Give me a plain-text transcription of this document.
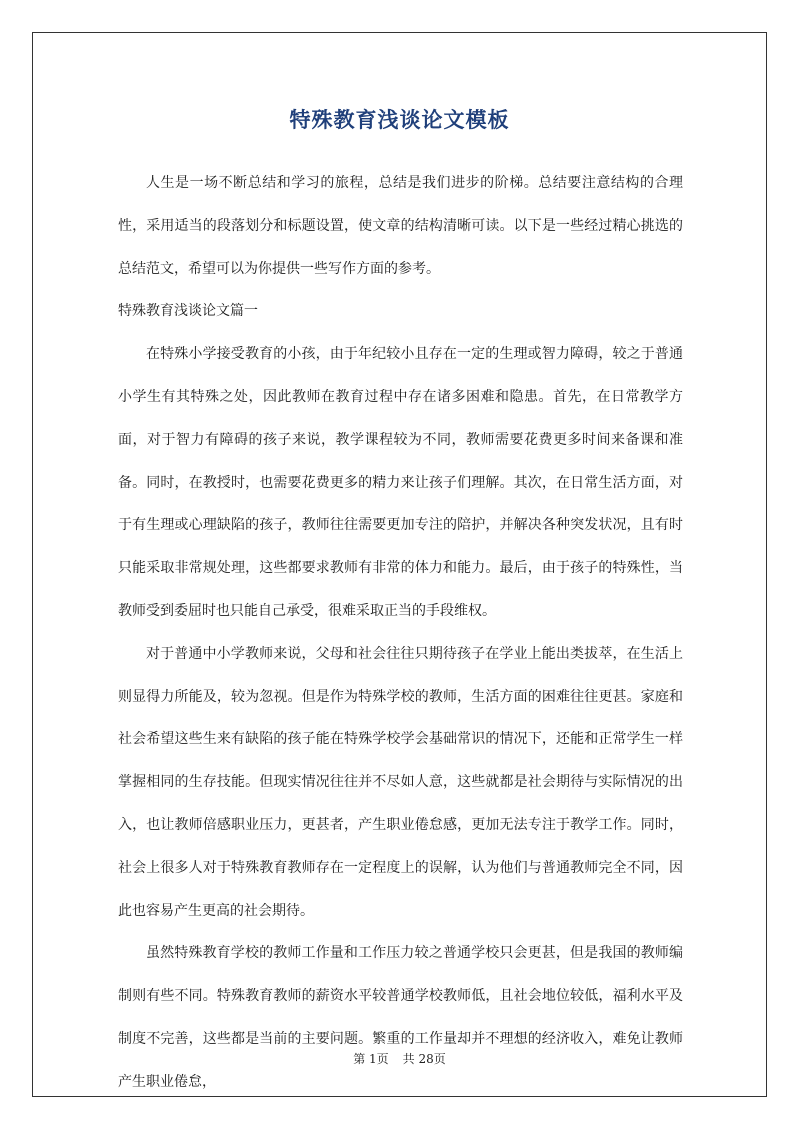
特殊教育浅谈论文模板

人生是一场不断总结和学习的旅程，总结是我们进步的阶梯。总结要注意结构的合理性，采用适当的段落划分和标题设置，使文章的结构清晰可读。以下是一些经过精心挑选的总结范文，希望可以为你提供一些写作方面的参考。

特殊教育浅谈论文篇一

在特殊小学接受教育的小孩，由于年纪较小且存在一定的生理或智力障碍，较之于普通小学生有其特殊之处，因此教师在教育过程中存在诸多困难和隐患。首先，在日常教学方面，对于智力有障碍的孩子来说，教学课程较为不同，教师需要花费更多时间来备课和准备。同时，在教授时，也需要花费更多的精力来让孩子们理解。其次，在日常生活方面，对于有生理或心理缺陷的孩子，教师往往需要更加专注的陪护，并解决各种突发状况，且有时只能采取非常规处理，这些都要求教师有非常的体力和能力。最后，由于孩子的特殊性，当教师受到委屈时也只能自己承受，很难采取正当的手段维权。

对于普通中小学教师来说，父母和社会往往只期待孩子在学业上能出类拔萃，在生活上则显得力所能及，较为忽视。但是作为特殊学校的教师，生活方面的困难往往更甚。家庭和社会希望这些生来有缺陷的孩子能在特殊学校学会基础常识的情况下，还能和正常学生一样掌握相同的生存技能。但现实情况往往并不尽如人意，这些就都是社会期待与实际情况的出入，也让教师倍感职业压力，更甚者，产生职业倦怠感，更加无法专注于教学工作。同时，社会上很多人对于特殊教育教师存在一定程度上的误解，认为他们与普通教师完全不同，因此也容易产生更高的社会期待。

虽然特殊教育学校的教师工作量和工作压力较之普通学校只会更甚，但是我国的教师编制则有些不同。特殊教育教师的薪资水平较普通学校教师低，且社会地位较低，福利水平及制度不完善，这些都是当前的主要问题。繁重的工作量却并不理想的经济收入，难免让教师产生职业倦怠，

第 1页 共 28页
